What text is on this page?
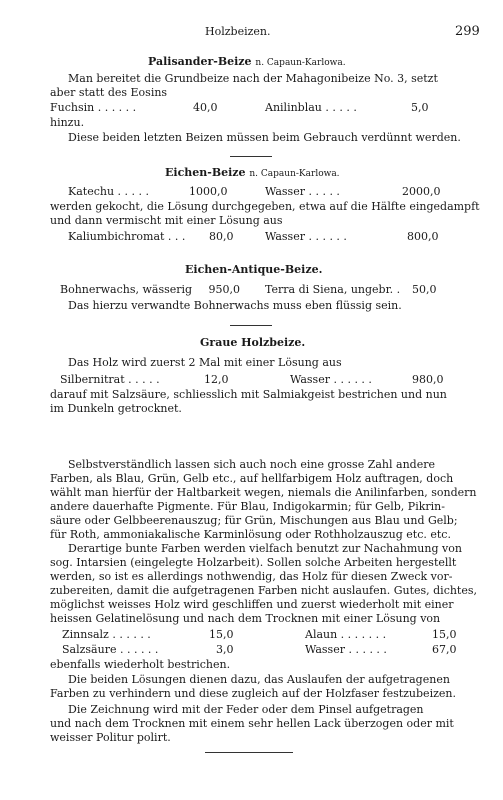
Holzbeizen.	299
Palisander-Beize n. Capaun-Karlowa.
Man bereitet die Grundbeize nach der Mahagonibeize No. 3, setzt
aber statt des Eosins
Fuchsin . . . . . .	40,0	Anilinblau . . . . .	5,0
hinzu.
Diese beiden letzten Beizen müssen beim Gebrauch verdünnt werden.
Eichen-Beize n. Capaun-Karlowa.
Katechu . . . . .	1000,0	Wasser . . . . .	2000,0
werden gekocht, die Lösung durchgegeben, etwa auf die Hälfte eingedampft
und dann vermischt mit einer Lösung aus
Kaliumbichromat . . . 80,0	Wasser . . . . . .	800,0
Eichen-Antique-Beize.
Bohnerwachs, wässerig 950,0 Terra di Siena, ungebr. . 50,0
Das hierzu verwandte Bohnerwachs muss eben flüssig sein.
Graue Holzbeize.
Das Holz wird zuerst 2 Mal mit einer Lösung aus
Silbernitrat . . . . .	12,0	Wasser . . . . . .	980,0
darauf mit Salzsäure, schliesslich mit Salmiakgeist bestrichen und nun
im Dunkeln getrocknet.
Selbstverständlich lassen sich auch noch eine grosse Zahl andere
Farben, als Blau, Grün, Gelb etc., auf hellfarbigem Holz auftragen, doch
wählt man hierfür der Haltbarkeit wegen, niemals die Anilinfarben, sondern
andere dauerhafte Pigmente. Für Blau, Indigokarmin; für Gelb, Pikrin-
säure oder Gelbbeerenauszug; für Grün, Mischungen aus Blau und Gelb;
für Roth, ammoniakalische Karminlösung oder Rothholzauszug etc. etc.
Derartige bunte Farben werden vielfach benutzt zur Nachahmung von
sog. Intarsien (eingelegte Holzarbeit). Sollen solche Arbeiten hergestellt
werden, so ist es allerdings nothwendig, das Holz für diesen Zweck vor-
zubereiten, damit die aufgetragenen Farben nicht auslaufen. Gutes, dichtes,
möglichst weisses Holz wird geschliffen und zuerst wiederholt mit einer
heissen Gelatinelösung und nach dem Trocknen mit einer Lösung von
Zinnsalz . . . . . .	15,0	Alaun . . . . . . .	15,0
Salzsäure . . . . . .	3,0	Wasser . . . . . .	67,0
ebenfalls wiederholt bestrichen.
Die beiden Lösungen dienen dazu, das Auslaufen der aufgetragenen
Farben zu verhindern und diese zugleich auf der Holzfaser festzubeizen.
Die Zeichnung wird mit der Feder oder dem Pinsel aufgetragen
und nach dem Trocknen mit einem sehr hellen Lack überzogen oder mit
weisser Politur polirt.
